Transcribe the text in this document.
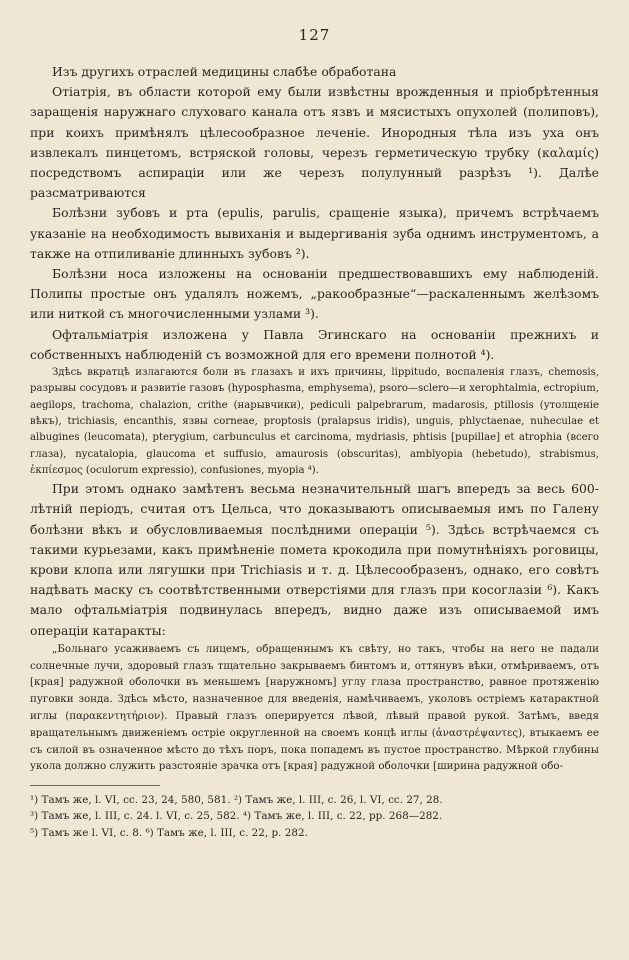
127

Изъ другихъ отраслей медицины слабѣе обработана

Отіатрія, въ области которой ему были извѣстны врожденныя и пріобрѣтенныя заращенія наружнаго слуховаго канала отъ язвъ и мясистыхъ опухолей (полиповъ), при коихъ примѣнялъ цѣлесообразное леченіе. Инородныя тѣла изъ уха онъ извлекалъ пинцетомъ, встряской головы, черезъ герметическую трубку (καλαμίς) посредствомъ аспираціи или же черезъ полулунный разрѣзъ ¹). Далѣе разсматриваются

Болѣзни зубовъ и рта (epulis, parulis, сращеніе языка), причемъ встрѣчаемъ указаніе на необходимость вывиханія и выдергиванія зуба однимъ инструментомъ, а также на отпиливаніе длинныхъ зубовъ ²).

Болѣзни носа изложены на основаніи предшествовавшихъ ему наблюденій. Полипы простые онъ удалялъ ножемъ, „ракообразные“—раскаленнымъ желѣзомъ или ниткой съ многочисленными узлами ³).

Офтальміатрія изложена у Павла Эгинскаго на основаніи прежнихъ и собственныхъ наблюденій съ возможной для его времени полнотой ⁴).

Здѣсь вкратцѣ излагаются боли въ глазахъ и ихъ причины, lippitudo, воспаленія глазъ, chemosis, разрывы сосудовъ и развитіе газовъ (hyposphasma, emphysema), psoro—sclero—и xerophtalmia, ectropium, aegilops, trachoma, chalazion, crithe (нарывчики), pediculi palpebrarum, madarosis, ptillosis (утолщеніе вѣкъ), trichiasis, encanthis, язвы corneae, proptosis (pralapsus iridis), unguis, phlyctaenae, nuheculae et albugines (leucomata), pterygium, carbunculus et carcinoma, mydriasis, phtisis [pupillae] et atrophia (всего глаза), nycatalopia, glaucoma et suffusio, amaurosis (obscuritas), amblyopia (hebetudo), strabismus, ἐκπίεσμος (oculorum expressio), confusiones, myopia ⁴).

При этомъ однако замѣтенъ весьма незначительный шагъ впередъ за весь 600-лѣтній періодъ, считая отъ Цельса, что доказываютъ описываемыя имъ по Галену болѣзни вѣкъ и обусловливаемыя послѣдними операціи ⁵). Здѣсь встрѣчаемся съ такими курьезами, какъ примѣненіе помета крокодила при помутнѣніяхъ роговицы, крови клопа или лягушки при Trichiasis и т. д. Цѣлесообразенъ, однако, его совѣтъ надѣвать маску съ соотвѣтственными отверстіями для глазъ при косоглазіи ⁶). Какъ мало офтальміатрія подвинулась впередъ, видно даже изъ описываемой имъ операціи катаракты:

„Больнаго усаживаемъ съ лицемъ, обращеннымъ къ свѣту, но такъ, чтобы на него не падали солнечные лучи, здоровый глазъ тщательно закрываемъ бинтомъ и, оттянувъ вѣки, отмѣриваемъ, отъ [края] радужной оболочки въ меньшемъ [наружномъ] углу глаза пространство, равное протяженію пуговки зонда. Здѣсь мѣсто, назначенное для введенія, намѣчиваемъ, уколовъ остріемъ катарактной иглы (παρακεντητήριον). Правый глазъ оперируется лѣвой, лѣвый правой рукой. Затѣмъ, введя вращательнымъ движеніемъ остріе округленной на своемъ концѣ иглы (ἀναστρέψαντες), втыкаемъ ее съ силой въ означенное мѣсто до тѣхъ поръ, пока попадемъ въ пустое пространство. Мѣркой глубины укола должно служить разстояніе зрачка отъ [края] радужной оболочки [ширина радужной обо-

¹) Тамъ же, l. VI, сс. 23, 24, 580, 581. ²) Тамъ же, l. III, с. 26, l. VI, сс. 27, 28.

³) Тамъ же, l. III, с. 24. l. VI, с. 25, 582. ⁴) Тамъ же, l. III, с. 22, pp. 268—282.

⁵) Тамъ же l. VI, с. 8. ⁶) Тамъ же, l. III, с. 22, p. 282.
